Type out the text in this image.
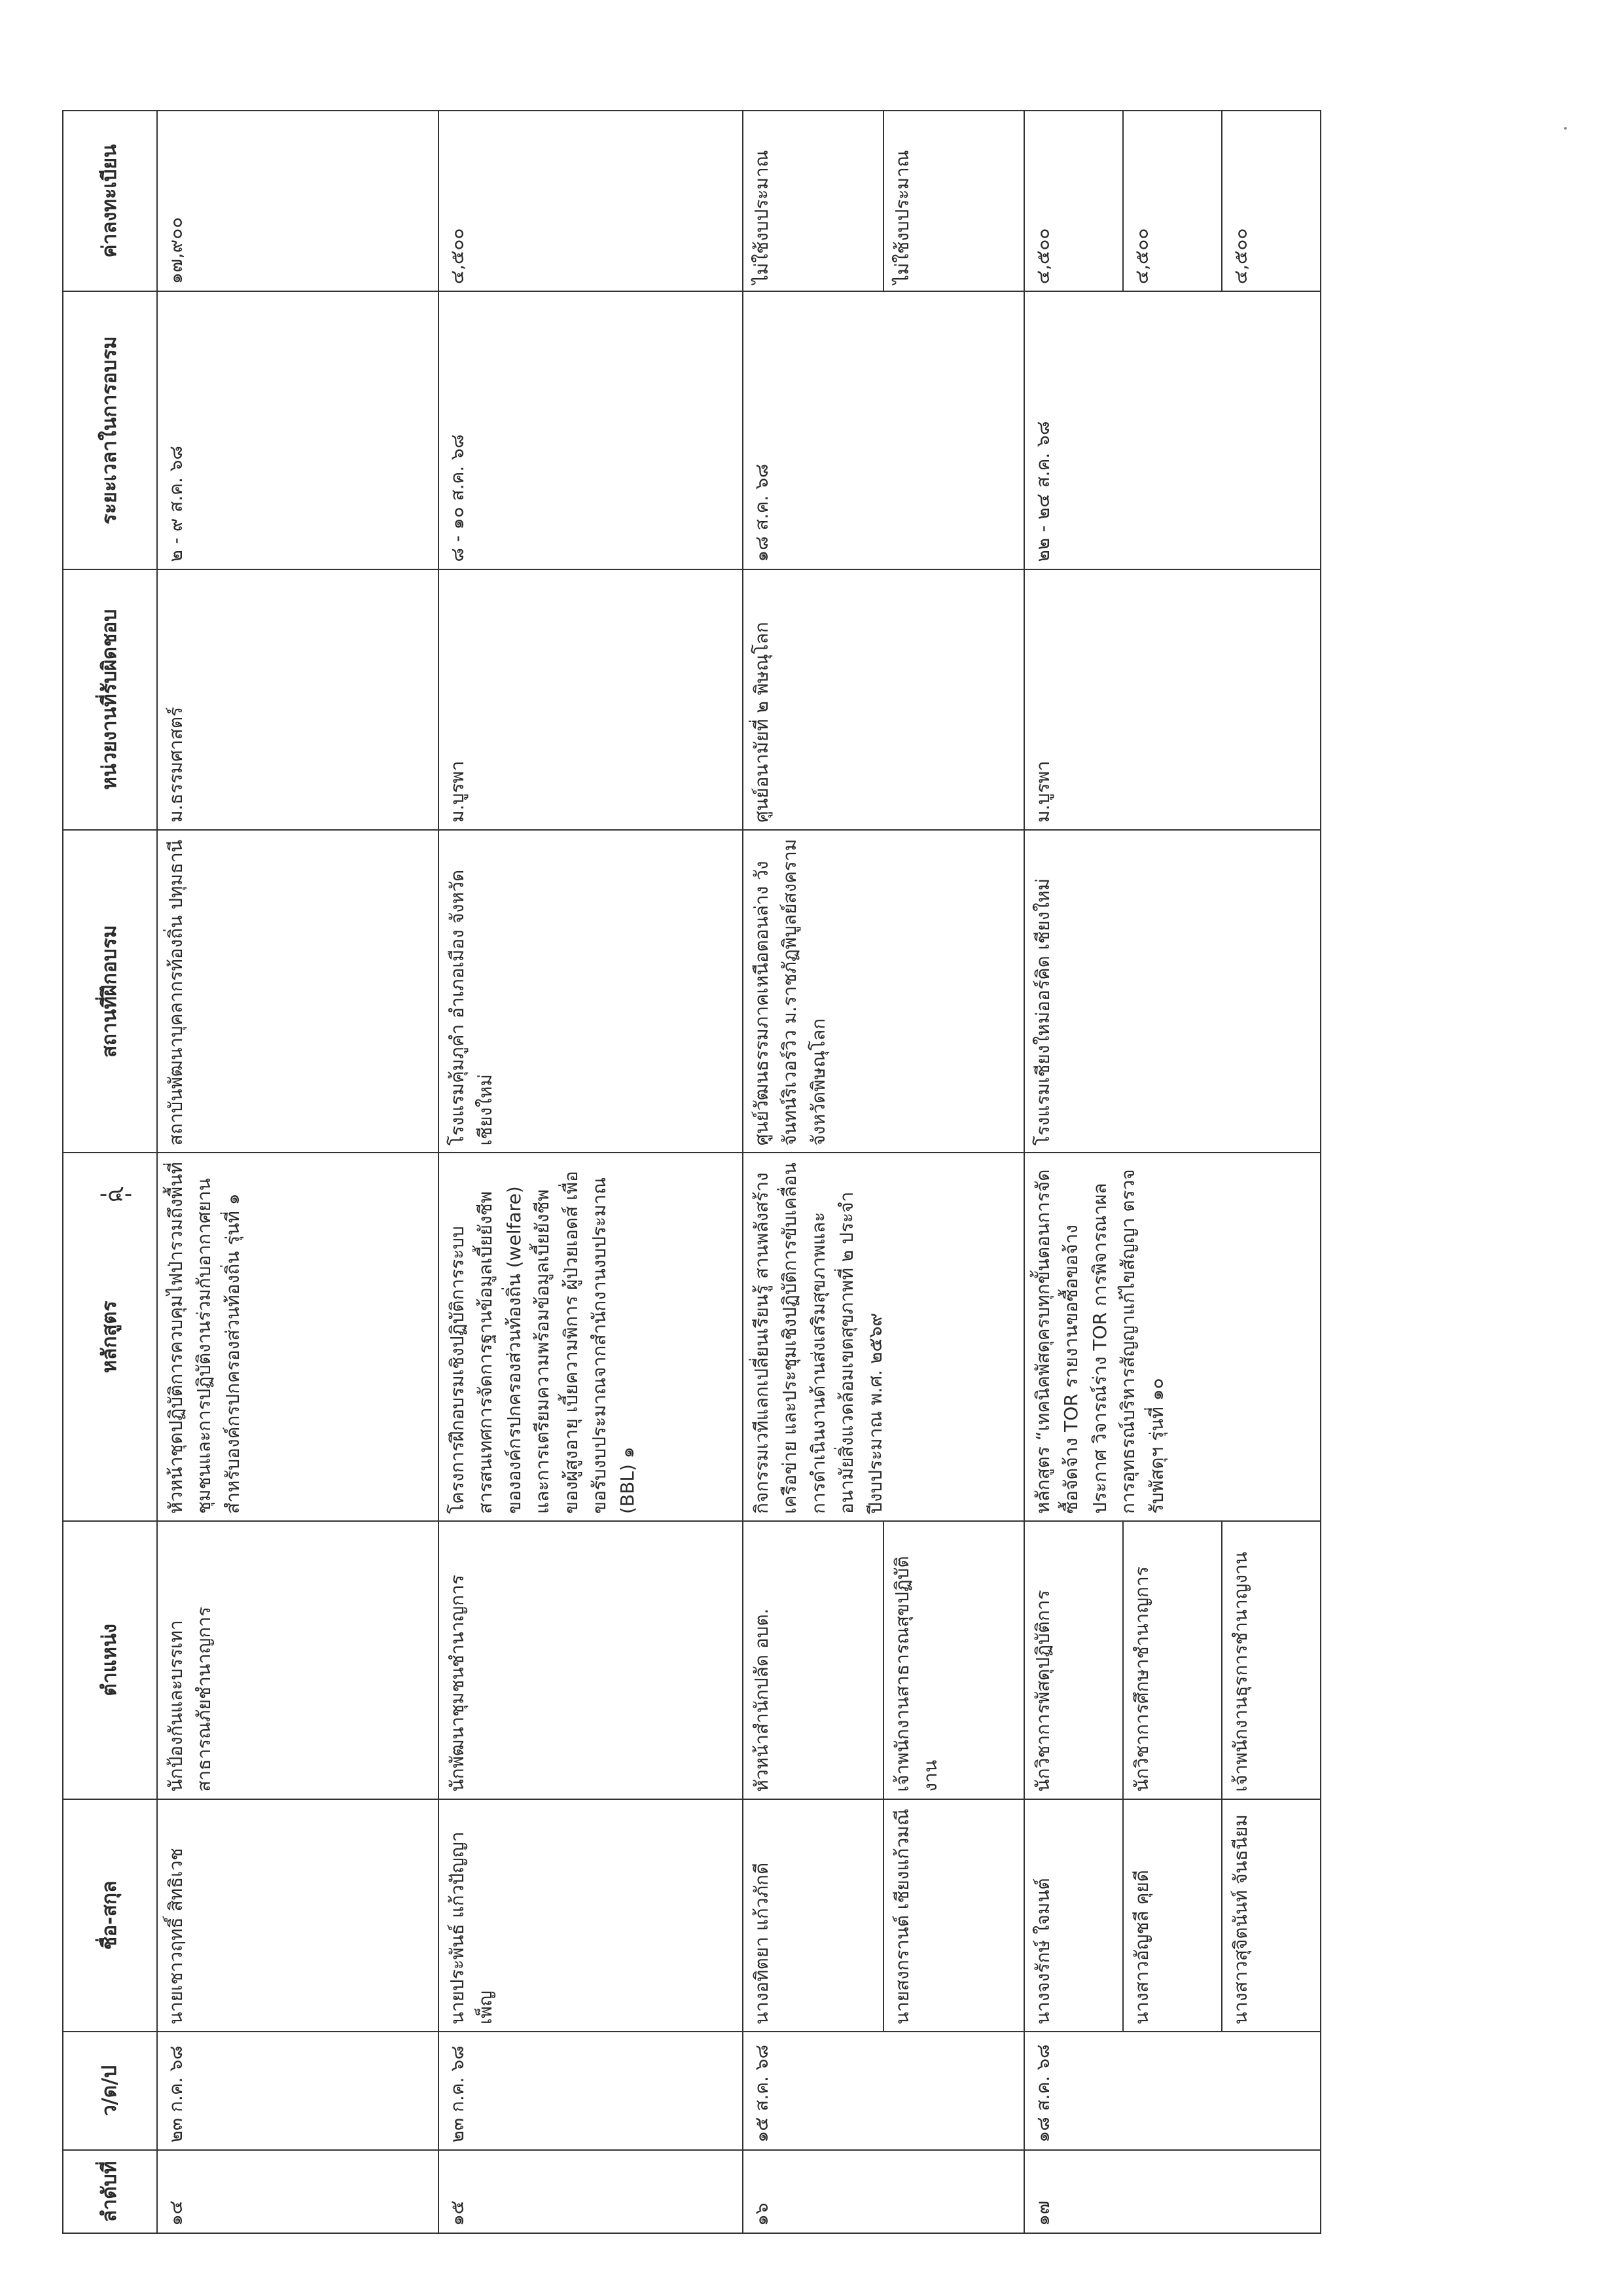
-๔-
ลำดับที่	ว/ด/ป	ชื่อ-สกุล	ตำแหน่ง	หลักสูตร	สถานที่ฝึกอบรม	หน่วยงานที่รับผิดชอบ	ระยะเวลาในการอบรม	ค่าลงทะเบียน
๑๔	๒๓ ก.ค. ๖๘	นายเชาวฤทธิ์ สิทธิเวช	นักป้องกันและบรรเทาสาธารณภัยชำนาญการ	หัวหน้าชุดปฏิบัติการควบคุมไฟป่ารวมถึงพื้นที่ชุมชนและการปฏิบัติงานร่วมกับอากาศยานสำหรับองค์กรปกครองส่วนท้องถิ่น รุ่นที่ ๑	สถาบันพัฒนาบุคลากรท้องถิ่น ปทุมธานี	ม.ธรรมศาสตร์	๒ - ๙ ส.ค. ๖๘	๑๗,๙๐๐
๑๕	๒๓ ก.ค. ๖๘	นายประพันธ์ แก้วปัญญาเพ็ญ	นักพัฒนาชุมชนชำนาญการ	โครงการฝึกอบรมเชิงปฏิบัติการระบบสารสนเทศการจัดการฐานข้อมูลเบี้ยยังชีพขององค์กรปกครองส่วนท้องถิ่น (welfare) และการเตรียมความพร้อมข้อมูลเบี้ยยังชีพของผู้สูงอายุ เบี้ยความพิการ ผู้ป่วยเอดส์ เพื่อขอรับงบประมาณจากสำนักงานงบประมาณ (BBL) ๑	โรงแรมคุ้มภูคำ อำเภอเมือง จังหวัดเชียงใหม่	ม.บูรพา	๘ - ๑๐ ส.ค. ๖๘	๔,๕๐๐
๑๖	๑๕ ส.ค. ๖๘	นางอทิตยา แก้วภักดี	หัวหน้าสำนักปลัด อบต.	กิจกรรมเวทีแลกเปลี่ยนเรียนรู้ สานพลังสร้างเครือข่าย และประชุมเชิงปฏิบัติการขับเคลื่อนการดำเนินงานด้านส่งเสริมสุขภาพและอนามัยสิ่งแวดล้อมเขตสุขภาพที่ ๒ ประจำปีงบประมาณ พ.ศ. ๒๕๖๙	ศูนย์วัฒนธรรมภาคเหนือตอนล่าง วังจันทน์ริเวอร์วิว ม.ราชภัฏพิบูลย์สงคราม จังหวัดพิษณุโลก	ศูนย์อนามัยที่ ๒ พิษณุโลก	๑๘ ส.ค. ๖๘	ไม่ใช้งบประมาณ
		นายสงกรานต์ เชียงแก้วมณี	เจ้าพนักงานสาธารณสุขปฏิบัติงาน					ไม่ใช้งบประมาณ
๑๗	๑๘ ส.ค. ๖๘	นางจงรักษ์ ใจมนต์	นักวิชาการพัสดุปฏิบัติการ	หลักสูตร “เทคนิคพัสดุครบทุกขั้นตอนการจัดซื้อจัดจ้าง TOR รายงานขอซื้อขอจ้าง ประกาศ วิจารณ์ร่าง TOR การพิจารณาผลการอุทธรณ์บริหารสัญญาแก้ไขสัญญา ตรวจรับพัสดุฯ รุ่นที่ ๑๐	โรงแรมเชียงใหม่ออร์คิด เชียงใหม่	ม.บูรพา	๒๒ - ๒๔ ส.ค. ๖๘	๔,๕๐๐
		นางสาวอัญชลี คุยดี	นักวิชาการศึกษาชำนาญการ					๔,๕๐๐
		นางสาวสุจิตนันท์ จันธนียม	เจ้าพนักงานธุรการชำนาญงาน					๔,๕๐๐
